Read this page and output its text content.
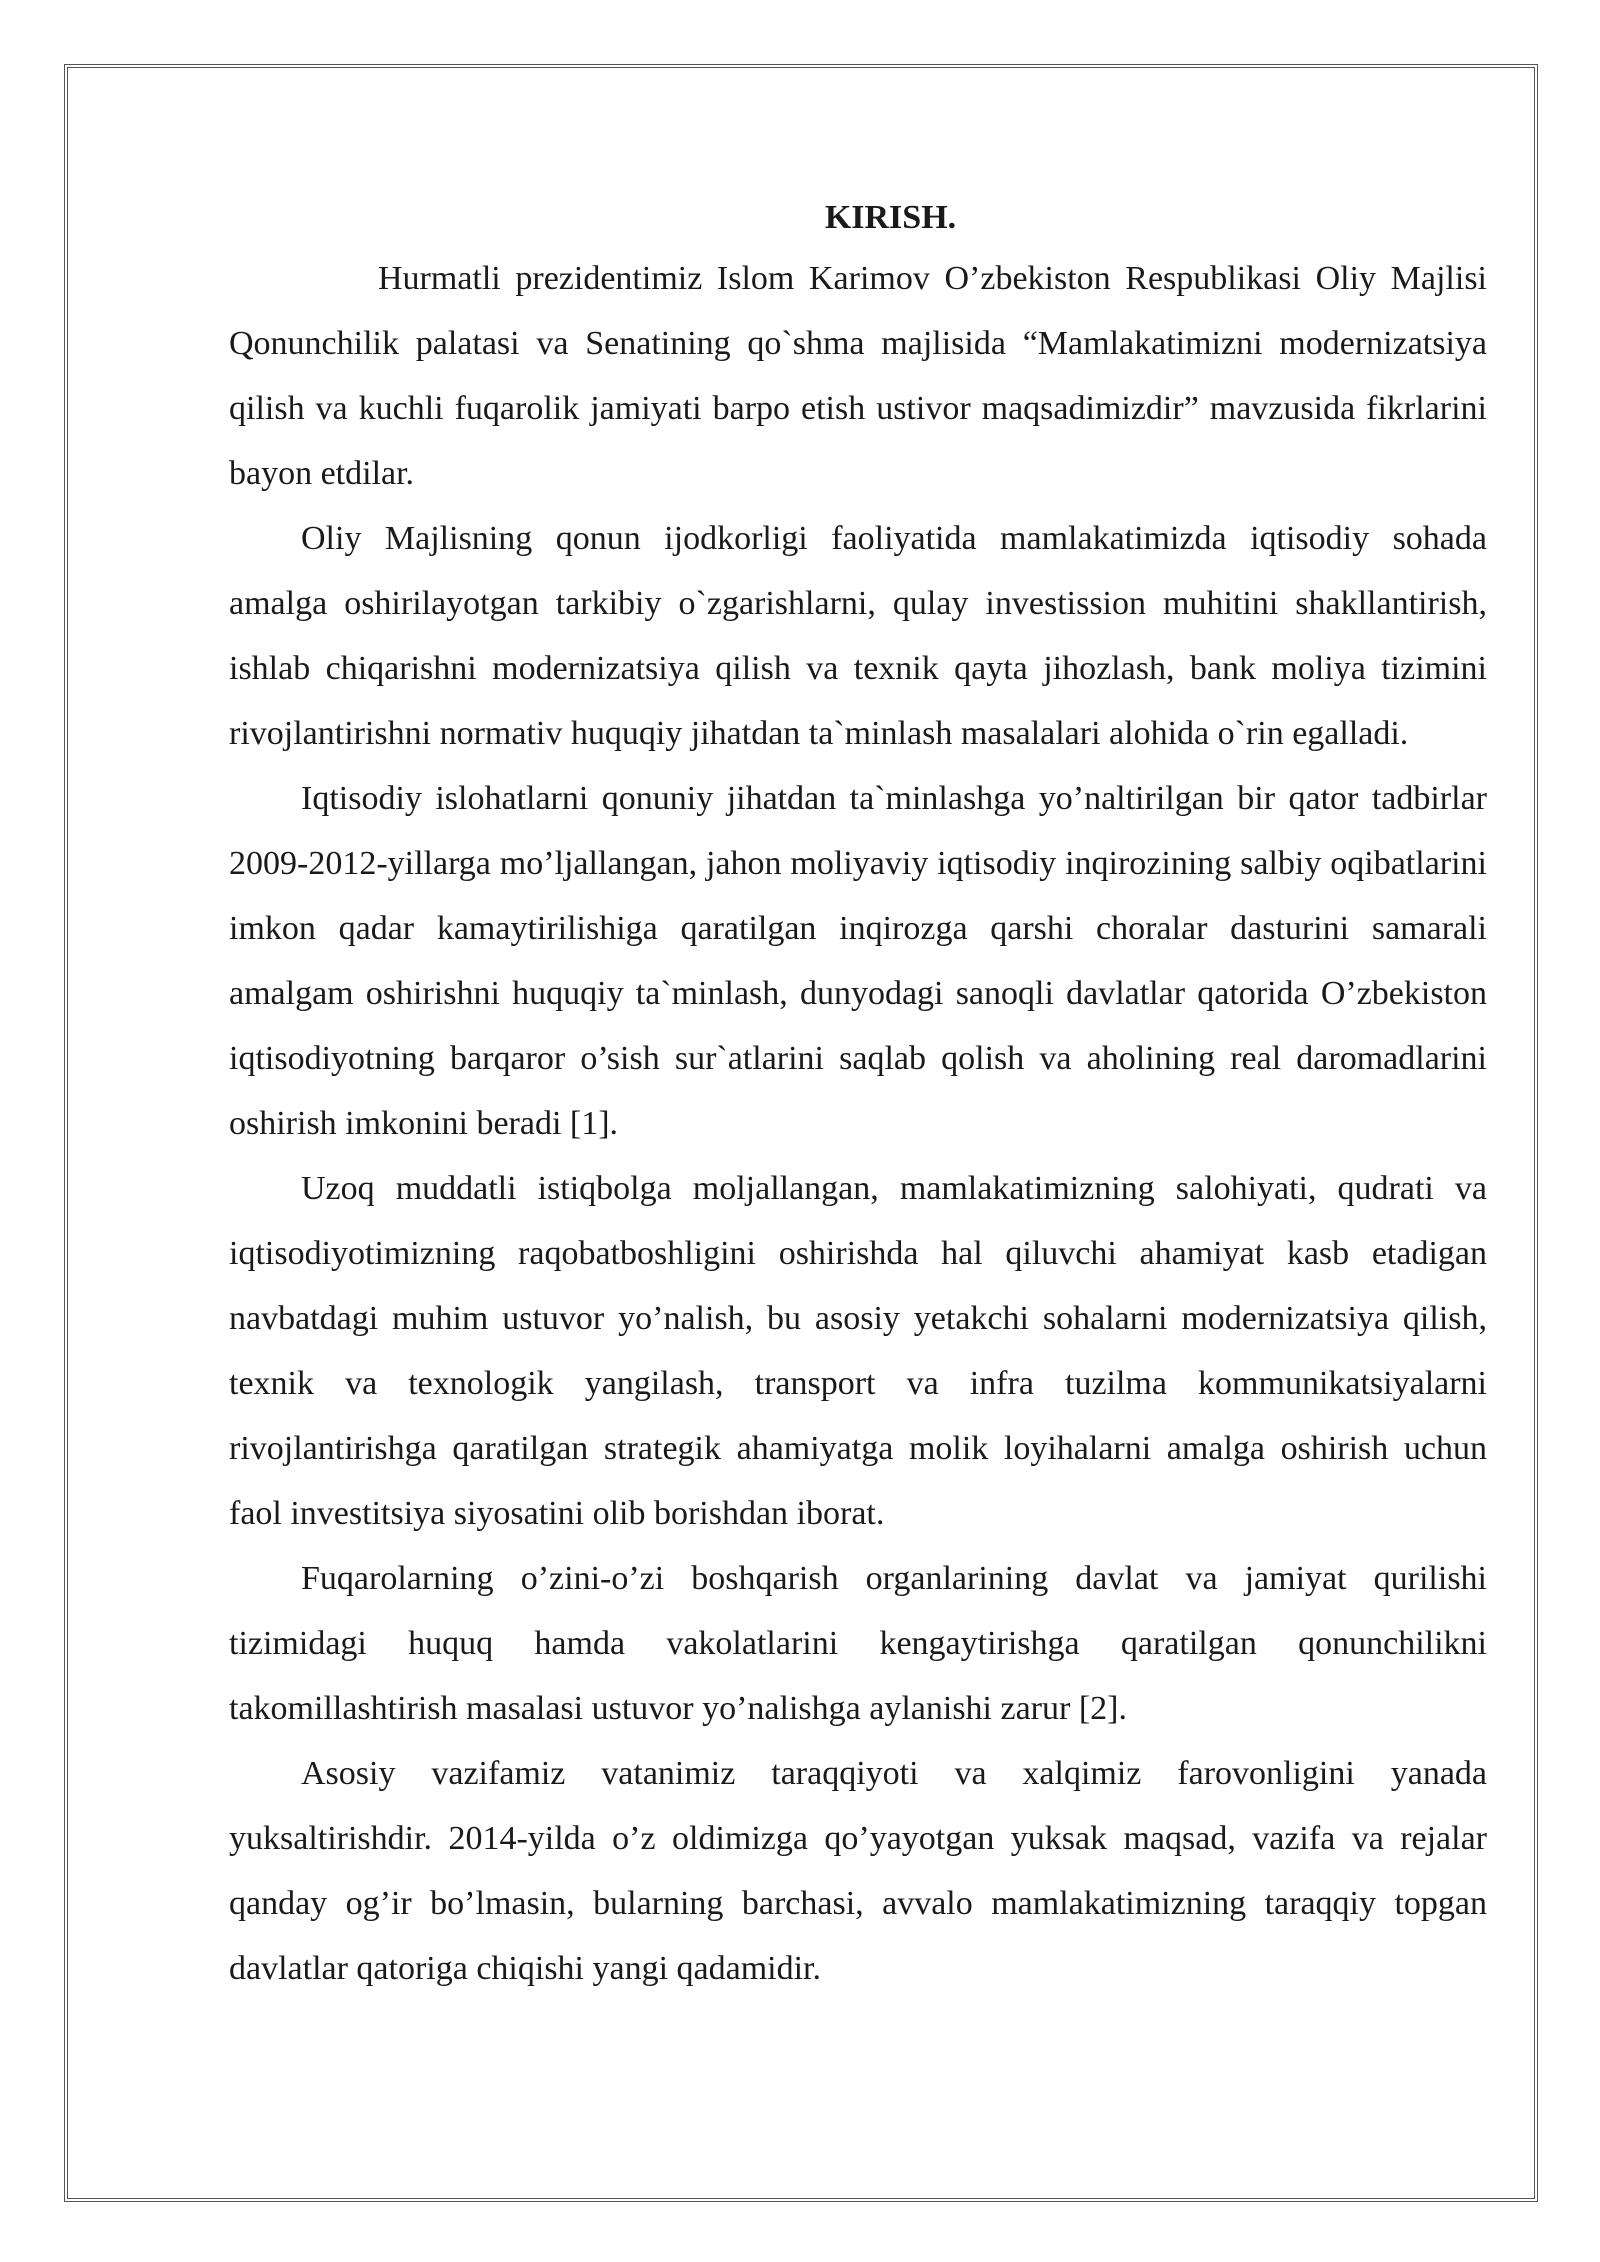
KIRISH.

Hurmatli prezidentimiz Islom Karimov O’zbekiston Respublikasi Oliy Majlisi Qonunchilik palatasi va Senatining qo`shma majlisida “Mamlakatimizni modernizatsiya qilish va kuchli fuqarolik jamiyati barpo etish ustivor maqsadimizdir” mavzusida fikrlarini bayon etdilar.

Oliy Majlisning qonun ijodkorligi faoliyatida mamlakatimizda iqtisodiy sohada amalga oshirilayotgan tarkibiy o`zgarishlarni, qulay investission muhitini shakllantirish, ishlab chiqarishni modernizatsiya qilish va texnik qayta jihozlash, bank moliya tizimini rivojlantirishni normativ huquqiy jihatdan ta`minlash masalalari alohida o`rin egalladi.

Iqtisodiy islohatlarni qonuniy jihatdan ta`minlashga yo’naltirilgan bir qator tadbirlar 2009-2012-yillarga mo’ljallangan, jahon moliyaviy iqtisodiy inqirozining salbiy oqibatlarini imkon qadar kamaytirilishiga qaratilgan inqirozga qarshi choralar dasturini samarali amalgam oshirishni huquqiy ta`minlash, dunyodagi sanoqli davlatlar qatorida O’zbekiston iqtisodiyotning barqaror o’sish sur`atlarini saqlab qolish va aholining real daromadlarini oshirish imkonini beradi [1].

Uzoq muddatli istiqbolga moljallangan, mamlakatimizning salohiyati, qudrati va iqtisodiyotimizning raqobatboshligini oshirishda hal qiluvchi ahamiyat kasb etadigan navbatdagi muhim ustuvor yo’nalish, bu asosiy yetakchi sohalarni modernizatsiya qilish, texnik va texnologik yangilash, transport va infra tuzilma kommunikatsiyalarni rivojlantirishga qaratilgan strategik ahamiyatga molik loyihalarni amalga oshirish uchun faol investitsiya siyosatini olib borishdan iborat.

Fuqarolarning o’zini-o’zi boshqarish organlarining davlat va jamiyat qurilishi tizimidagi huquq hamda vakolatlarini kengaytirishga qaratilgan qonunchilikni takomillashtirish masalasi ustuvor yo’nalishga aylanishi zarur [2].

Asosiy vazifamiz vatanimiz taraqqiyoti va xalqimiz farovonligini yanada yuksaltirishdir. 2014-yilda o’z oldimizga qo’yayotgan yuksak maqsad, vazifa va rejalar qanday og’ir bo’lmasin, bularning barchasi, avvalo mamlakatimizning taraqqiy topgan davlatlar qatoriga chiqishi yangi qadamidir.
